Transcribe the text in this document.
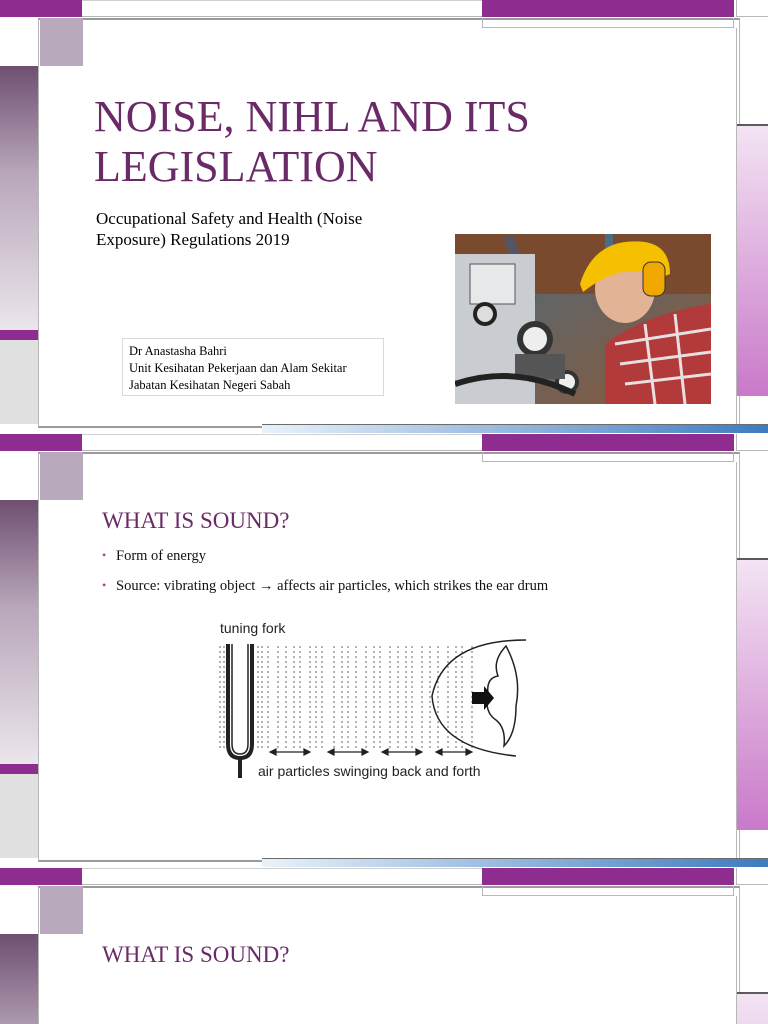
NOISE, NIHL AND ITS LEGISLATION
Occupational Safety and Health (Noise Exposure) Regulations 2019
Dr Anastasha Bahri
Unit Kesihatan Pekerjaan dan Alam Sekitar
Jabatan Kesihatan Negeri Sabah
WHAT IS SOUND?
• Form of energy
• Source: vibrating object → affects air particles, which strikes the ear drum
tuning fork
air particles swinging back and forth
WHAT IS SOUND?
